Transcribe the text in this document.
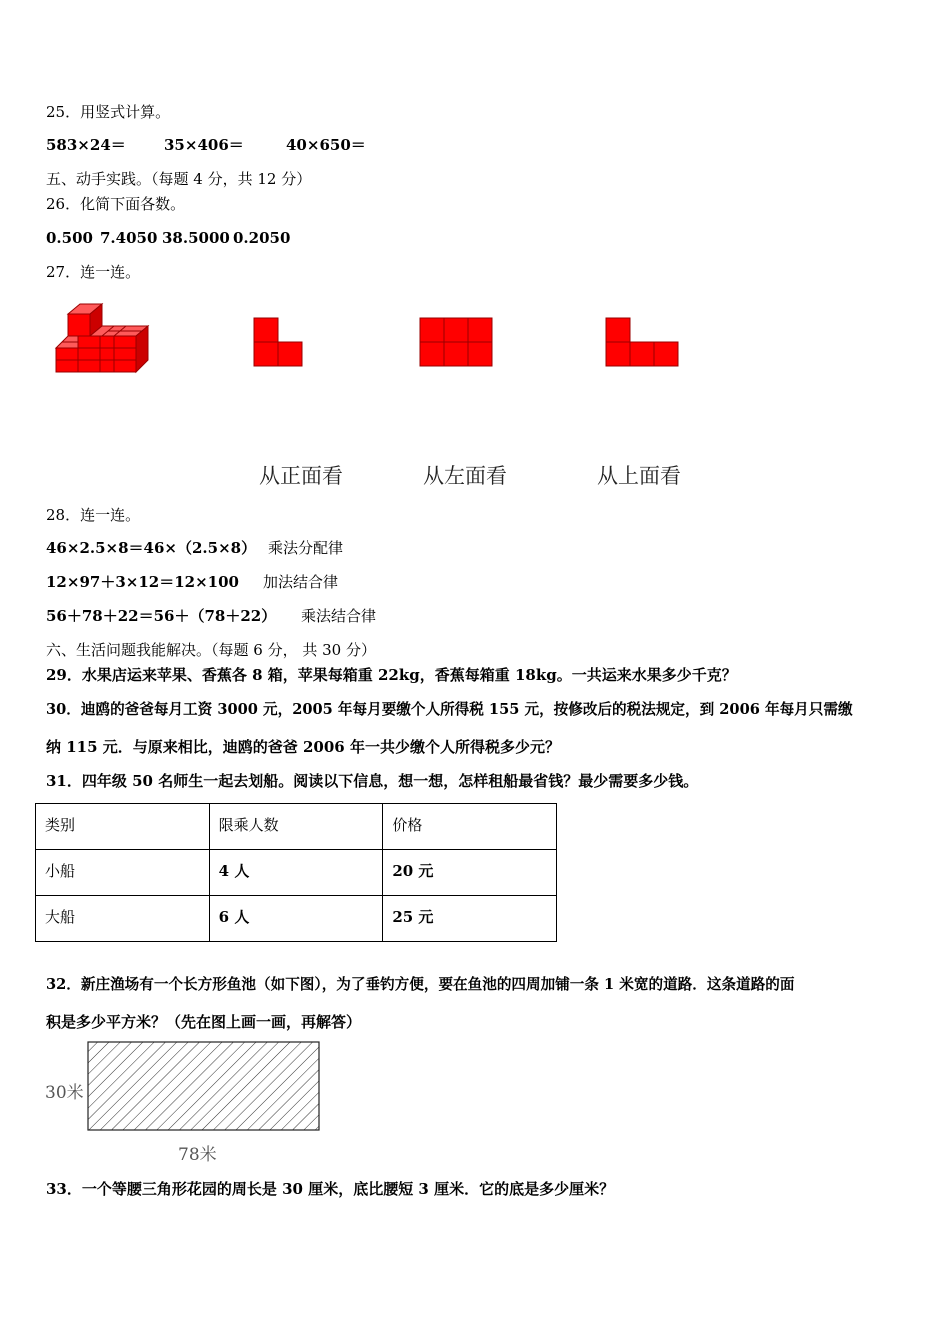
25．用竖式计算。
583×24＝	35×406＝	40×650＝
五、动手实践。（每题 4 分，共 12 分）
26．化简下面各数。
0.500 7.4050 38.5000 0.2050
27．连一连。
从正面看	从左面看	从上面看
28．连一连。
46×2.5×8＝46×（2.5×8） 乘法分配律
12×97＋3×12＝12×100 加法结合律
56＋78＋22＝56＋（78＋22） 乘法结合律
六、生活问题我能解决。（每题 6 分， 共 30 分）
29．水果店运来苹果、香蕉各 8 箱，苹果每箱重 22kg，香蕉每箱重 18kg。一共运来水果多少千克？
30．迪鸥的爸爸每月工资 3000 元，2005 年每月要缴个人所得税 155 元，按修改后的税法规定，到 2006 年每月只需缴
纳 115 元．与原来相比，迪鸥的爸爸 2006 年一共少缴个人所得税多少元？
31．四年级 50 名师生一起去划船。阅读以下信息，想一想，怎样租船最省钱？最少需要多少钱。
类别	限乘人数	价格
小船	4 人	20 元
大船	6 人	25 元
32．新庄渔场有一个长方形鱼池（如下图），为了垂钓方便，要在鱼池的四周加铺一条 1 米宽的道路．这条道路的面
积是多少平方米？（先在图上画一画，再解答）
30米
78米
33．一个等腰三角形花园的周长是 30 厘米，底比腰短 3 厘米．它的底是多少厘米？
